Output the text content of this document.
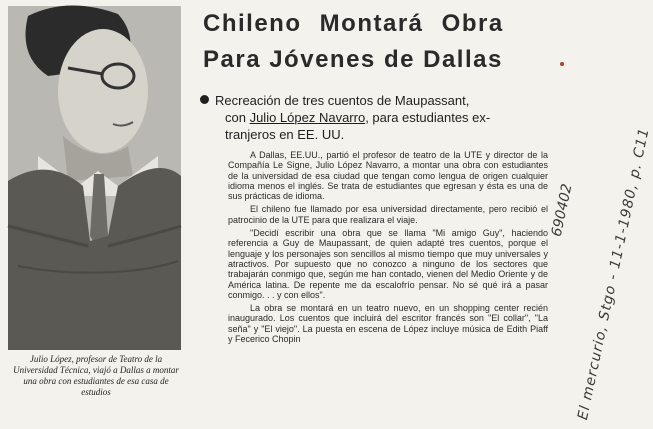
Julio López, profesor de Teatro de la Universidad Técnica, viajó a Dallas a montar una obra con estudiantes de esa casa de estudios
Chileno Montará Obra
Para Jóvenes de Dallas
Recreación de tres cuentos de Maupassant,
con Julio López Navarro, para estudiantes ex-
tranjeros en EE. UU.

A Dallas, EE.UU., partió el profesor de teatro de la UTE y director de la Compañía Le Signe, Julio López Navarro, a montar una obra con estudiantes de la universidad de esa ciudad que tengan como lengua de origen cualquier idioma menos el inglés. Se trata de estudiantes que egresan y ésta es una de sus prácticas de idioma.

El chileno fue llamado por esa universidad directamente, pero recibió el patrocinio de la UTE para que realizara el viaje.

"Decidí escribir una obra que se llama "Mi amigo Guy", haciendo referencia a Guy de Maupassant, de quien adapté tres cuentos, porque el lenguaje y los personajes son sencillos al mismo tiempo que muy universales y atractivos. Por supuesto que no conozco a ninguno de los sectores que trabajarán conmigo que, según me han contado, vienen del Medio Oriente y de América latina. De repente me da escalofrío pensar. No sé qué irá a pasar conmigo. . . y con ellos".

La obra se montará en un teatro nuevo, en un shopping center recién inaugurado. Los cuentos que incluirá del escritor francés son "El collar", "La seña" y "El viejo". La puesta en escena de López incluye música de Edith Piaff y Fecerico Chopin	El mercurio, Stgo - 11-1-1980, p. C11
690402
